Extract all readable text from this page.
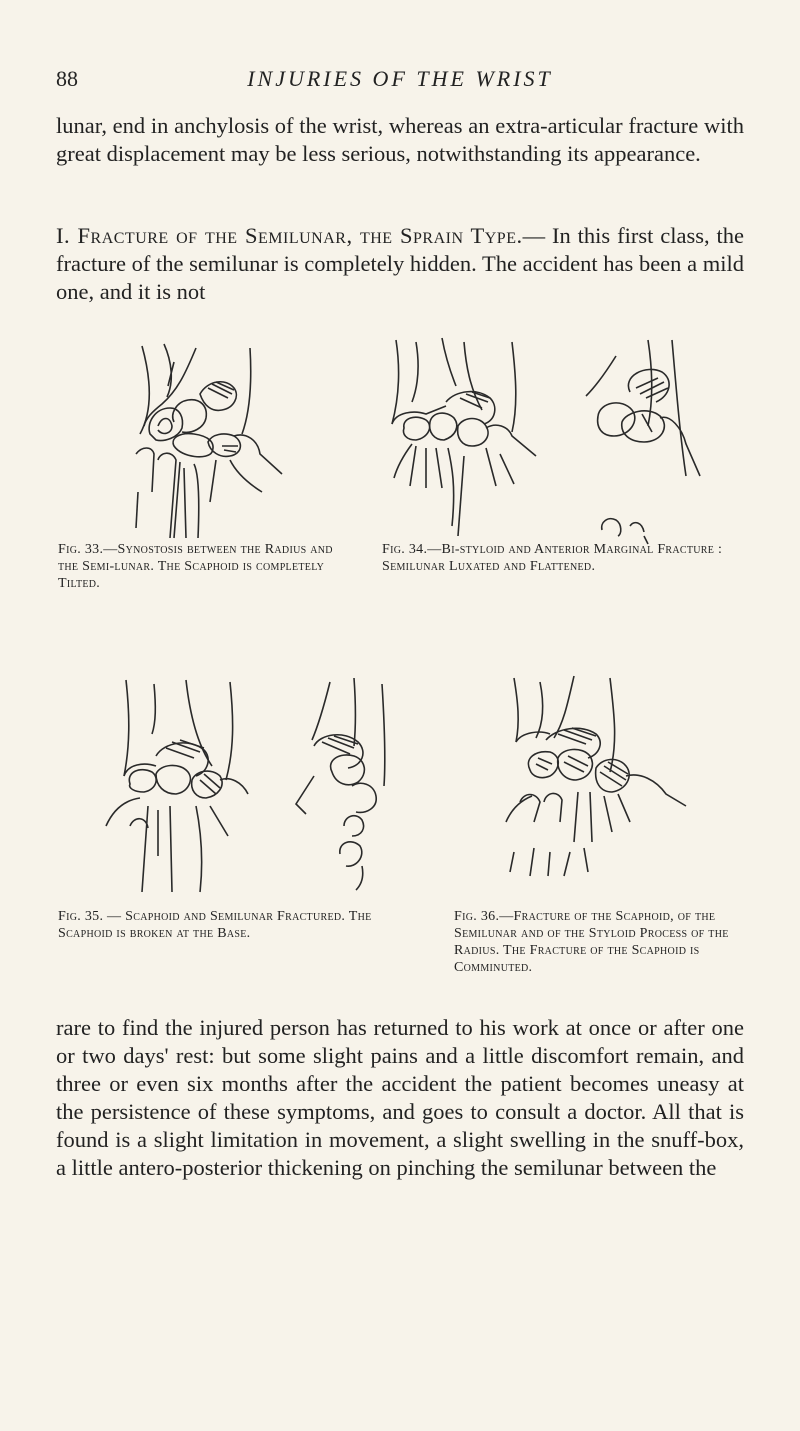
88	INJURIES OF THE WRIST

lunar, end in anchylosis of the wrist, whereas an extra-articular fracture with great displacement may be less serious, notwithstanding its appearance.

I. Fracture of the Semilunar, the Sprain Type.— In this first class, the fracture of the semilunar is completely hidden. The accident has been a mild one, and it is not

Fig. 33.—Synostosis between the Radius and the Semi-lunar. The Scaphoid is completely Tilted.

Fig. 34.—Bi-styloid and Anterior Marginal Fracture : Semilunar Luxated and Flattened.

Fig. 35. — Scaphoid and Semilunar Fractured. The Scaphoid is broken at the Base.

Fig. 36.—Fracture of the Scaphoid, of the Semilunar and of the Styloid Process of the Radius. The Fracture of the Scaphoid is Comminuted.

rare to find the injured person has returned to his work at once or after one or two days' rest: but some slight pains and a little discomfort remain, and three or even six months after the accident the patient becomes uneasy at the persistence of these symptoms, and goes to consult a doctor. All that is found is a slight limitation in movement, a slight swelling in the snuff-box, a little antero-posterior thickening on pinching the semilunar between the
